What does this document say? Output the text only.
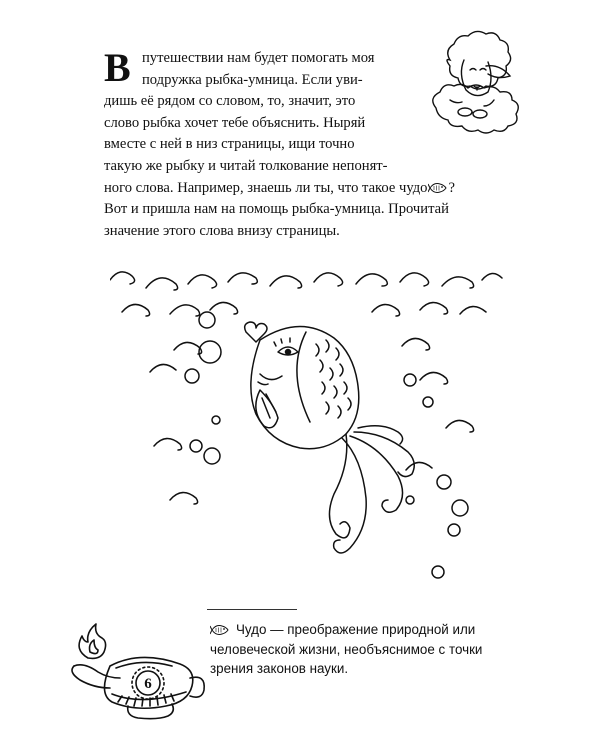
В путешествии нам будет помогать моя
подружка рыбка-умница. Если уви-
дишь её рядом со словом, то, значит, это
слово рыбка хочет тебе объяснить. Ныряй
вместе с ней в низ страницы, ищи точно
такую же рыбку и читай толкование непонят-
ного слова. Например, знаешь ли ты, что такое чудо ?
Вот и пришла нам на помощь рыбка-умница. Прочитай
значение этого слова внизу страницы.
6
Чудо — преображение природной или
человеческой жизни, необъяснимое с точки
зрения законов науки.
